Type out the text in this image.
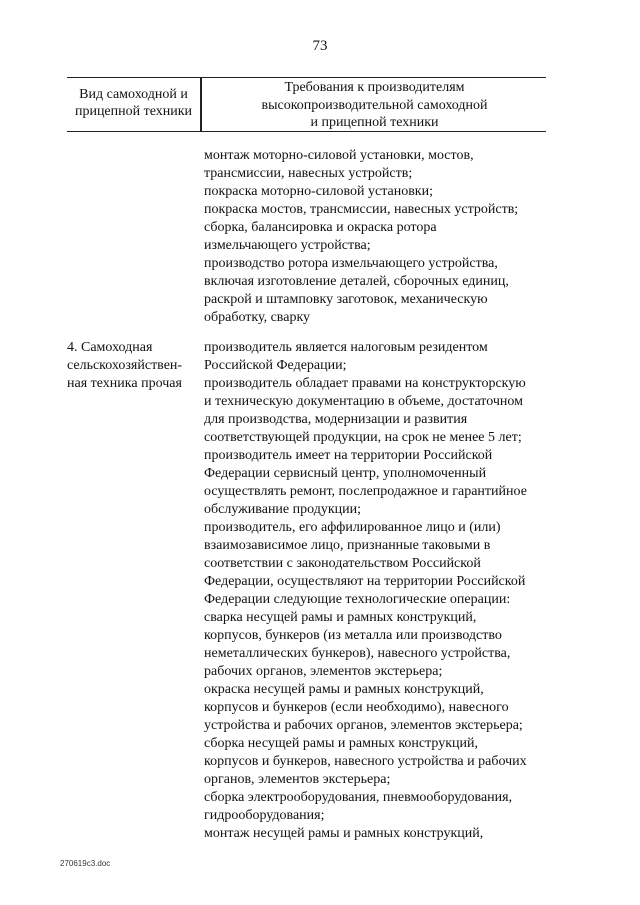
73
Вид самоходной и
прицепной техники
Требования к производителям
высокопроизводительной самоходной
и прицепной техники
монтаж моторно-силовой установки, мостов,
трансмиссии, навесных устройств;
покраска моторно-силовой установки;
покраска мостов, трансмиссии, навесных устройств;
сборка, балансировка и окраска ротора
измельчающего устройства;
производство ротора измельчающего устройства,
включая изготовление деталей, сборочных единиц,
раскрой и штамповку заготовок, механическую
обработку, сварку
4. Самоходная
сельскохозяйствен-
ная техника прочая
производитель является налоговым резидентом
Российской Федерации;
производитель обладает правами на конструкторскую
и техническую документацию в объеме, достаточном
для производства, модернизации и развития
соответствующей продукции, на срок не менее 5 лет;
производитель имеет на территории Российской
Федерации сервисный центр, уполномоченный
осуществлять ремонт, послепродажное и гарантийное
обслуживание продукции;
производитель, его аффилированное лицо и (или)
взаимозависимое лицо, признанные таковыми в
соответствии с законодательством Российской
Федерации, осуществляют на территории Российской
Федерации следующие технологические операции:
сварка несущей рамы и рамных конструкций,
корпусов, бункеров (из металла или производство
неметаллических бункеров), навесного устройства,
рабочих органов, элементов экстерьера;
окраска несущей рамы и рамных конструкций,
корпусов и бункеров (если необходимо), навесного
устройства и рабочих органов, элементов экстерьера;
сборка несущей рамы и рамных конструкций,
корпусов и бункеров, навесного устройства и рабочих
органов, элементов экстерьера;
сборка электрооборудования, пневмооборудования,
гидрооборудования;
монтаж несущей рамы и рамных конструкций,
270619c3.doc
